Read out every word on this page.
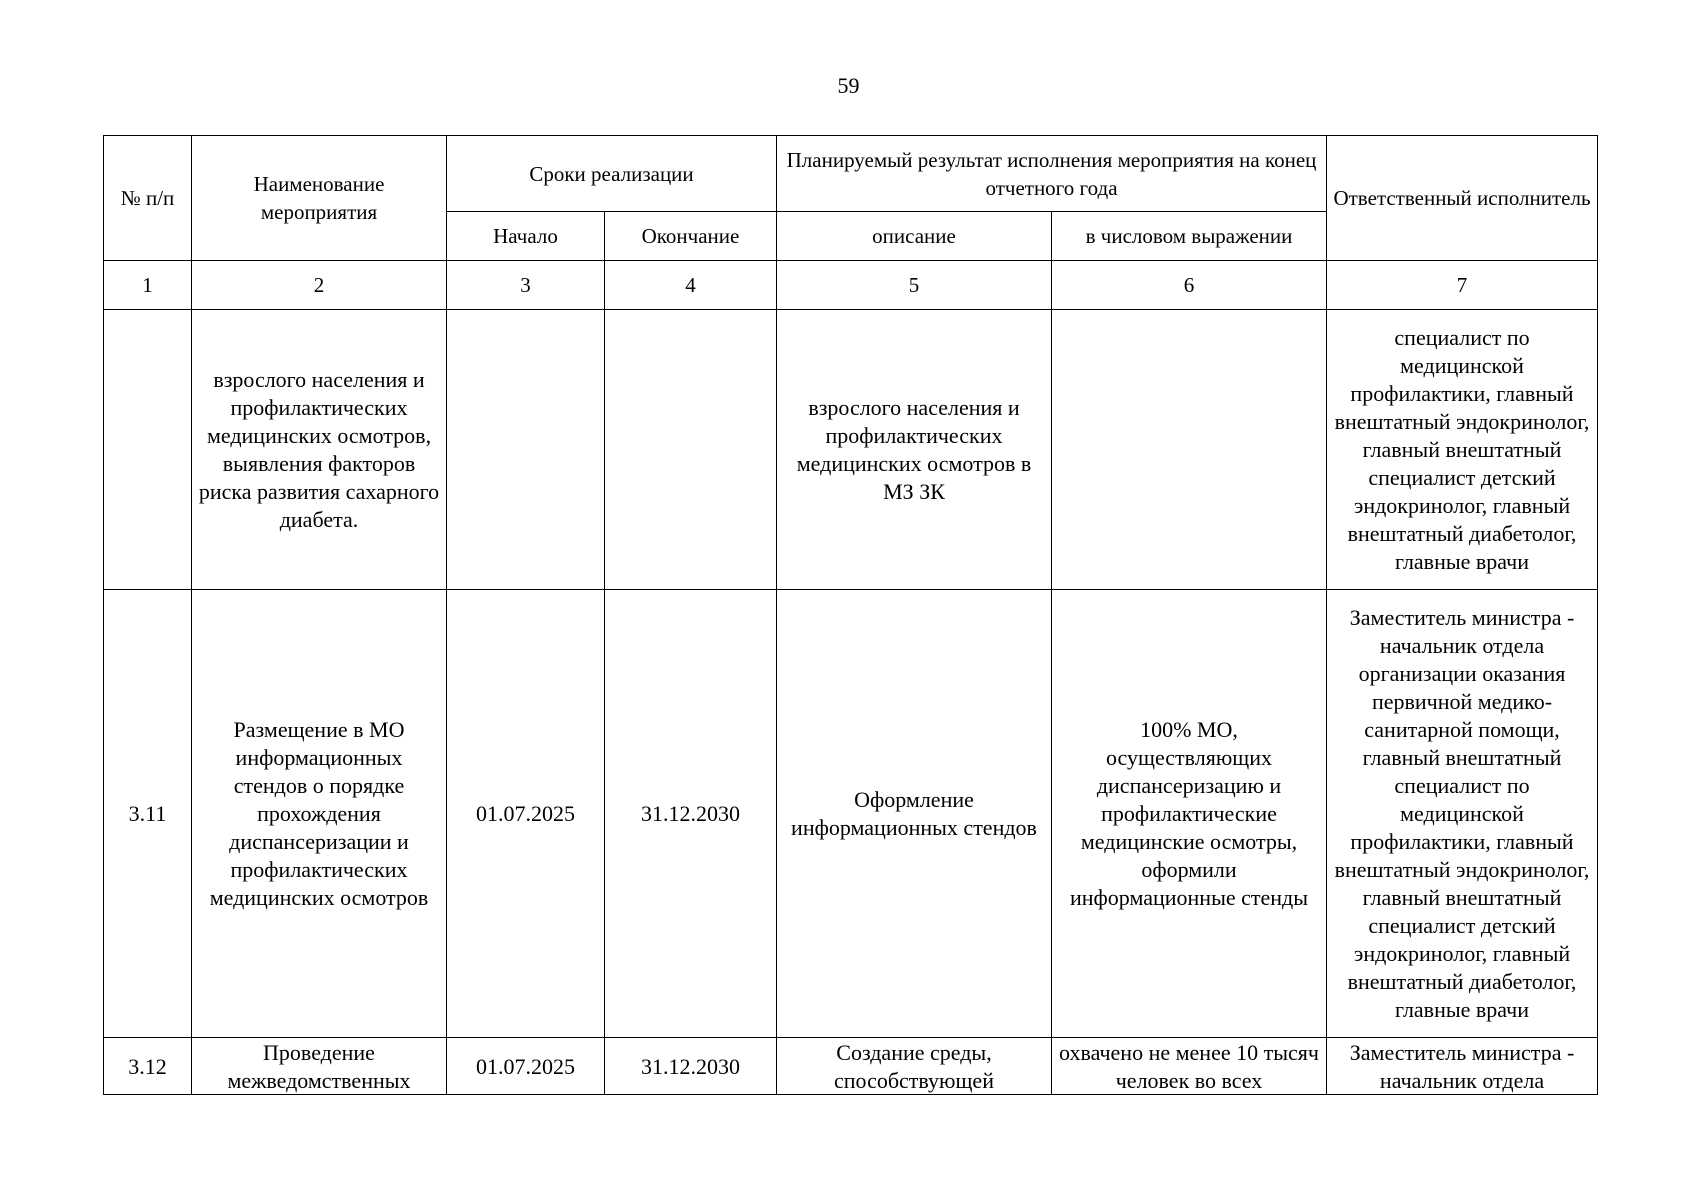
59
№ п/п	Наименование мероприятия	Сроки реализации		Планируемый результат исполнения мероприятия на конец отчетного года		Ответственный исполнитель
		Начало	Окончание	описание	в числовом выражении	
1	2	3	4	5	6	7
	взрослого населения и профилактических медицинских осмотров, выявления факторов риска развития сахарного диабета.			взрослого населения и профилактических медицинских осмотров в МЗ ЗК		специалист по медицинской профилактики, главный внештатный эндокринолог, главный внештатный специалист детский эндокринолог, главный внештатный диабетолог, главные врачи
3.11	Размещение в МО информационных стендов о порядке прохождения диспансеризации и профилактических медицинских осмотров	01.07.2025	31.12.2030	Оформление информационных стендов	100% МО, осуществляющих диспансеризацию и профилактические медицинские осмотры, оформили информационные стенды	Заместитель министра - начальник отдела организации оказания первичной медико-санитарной помощи, главный внештатный специалист по медицинской профилактики, главный внештатный эндокринолог, главный внештатный специалист детский эндокринолог, главный внештатный диабетолог, главные врачи

3.12	Проведение межведомственных	01.07.2025	31.12.2030	Создание среды, способствующей	охвачено не менее 10 тысяч человек во всех	Заместитель министра - начальник отдела
